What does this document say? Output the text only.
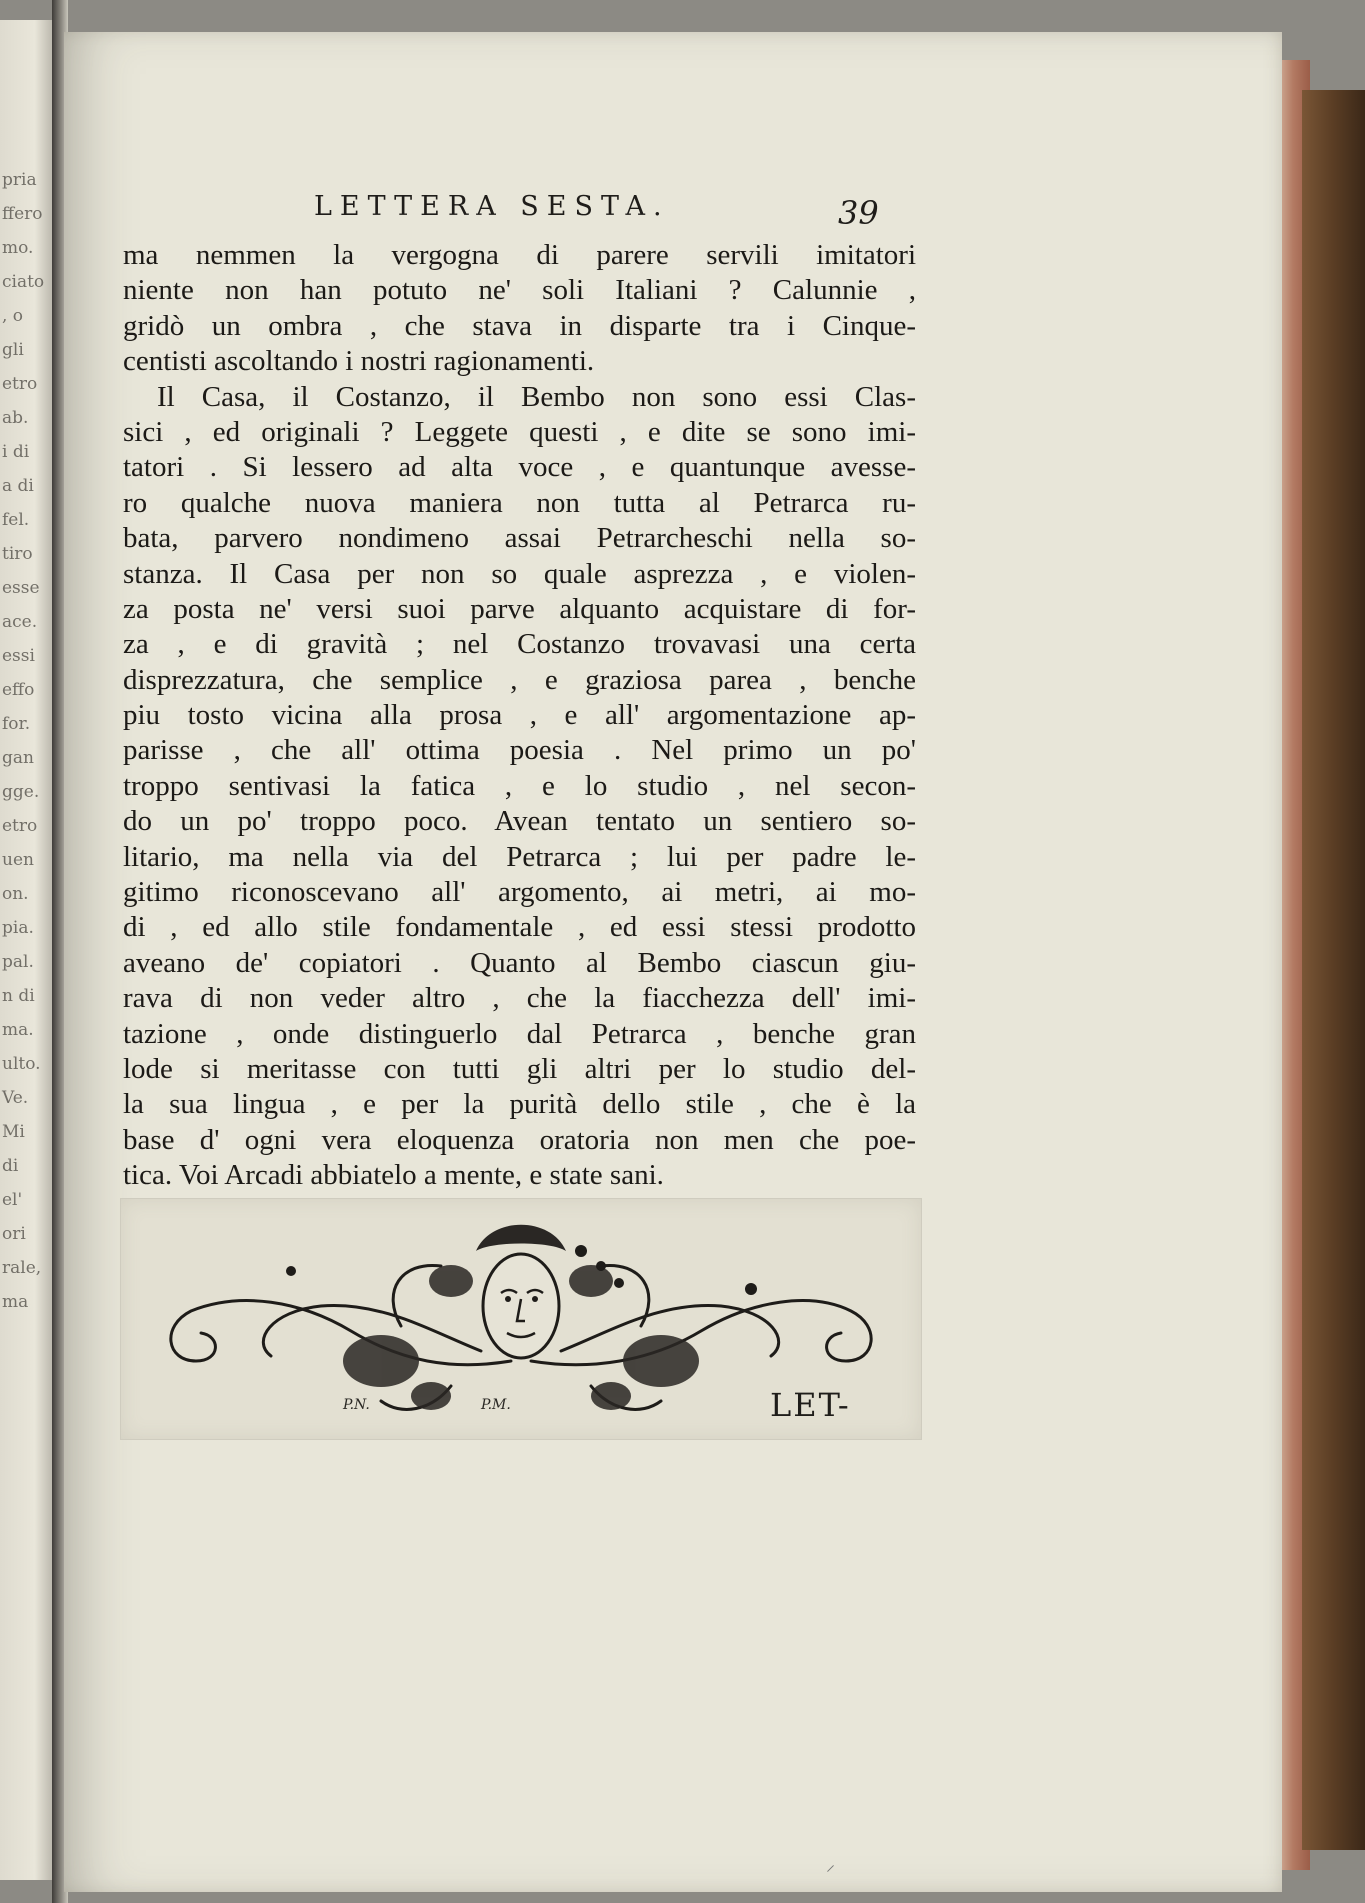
pria
ffero
mo.
ciato
, o
gli
etro
ab.
i di
a di
fel.
tiro
esse
ace.
essi
effo
for.
gan
gge.
etro
uen
on.
pia.
pal.
n di
ma.
ulto.
Ve.
Mi
di
el'
ori
rale,
ma
LETTERA SESTA.	39
ma nemmen la vergogna di parere servili imitatori
niente non han potuto ne' soli Italiani ? Calunnie ,
gridò un ombra , che stava in disparte tra i Cinque-
centisti ascoltando i nostri ragionamenti.
Il Casa, il Costanzo, il Bembo non sono essi Clas-
sici , ed originali ? Leggete questi , e dite se sono imi-
tatori . Si lessero ad alta voce , e quantunque avesse-
ro qualche nuova maniera non tutta al Petrarca ru-
bata, parvero nondimeno assai Petrarcheschi nella so-
stanza. Il Casa per non so quale asprezza , e violen-
za posta ne' versi suoi parve alquanto acquistare di for-
za , e di gravità ; nel Costanzo trovavasi una certa
disprezzatura, che semplice , e graziosa parea , benche
piu tosto vicina alla prosa , e all' argomentazione ap-
parisse , che all' ottima poesia . Nel primo un po'
troppo sentivasi la fatica , e lo studio , nel secon-
do un po' troppo poco. Avean tentato un sentiero so-
litario, ma nella via del Petrarca ; lui per padre le-
gitimo riconoscevano all' argomento, ai metri, ai mo-
di , ed allo stile fondamentale , ed essi stessi prodotto
aveano de' copiatori . Quanto al Bembo ciascun giu-
rava di non veder altro , che la fiacchezza dell' imi-
tazione , onde distinguerlo dal Petrarca , benche gran
lode si meritasse con tutti gli altri per lo studio del-
la sua lingua , e per la purità dello stile , che è la
base d' ogni vera eloquenza oratoria non men che poe-
tica. Voi Arcadi abbiatelo a mente, e state sani.
P.N.	P.M.	LET-
⸍
